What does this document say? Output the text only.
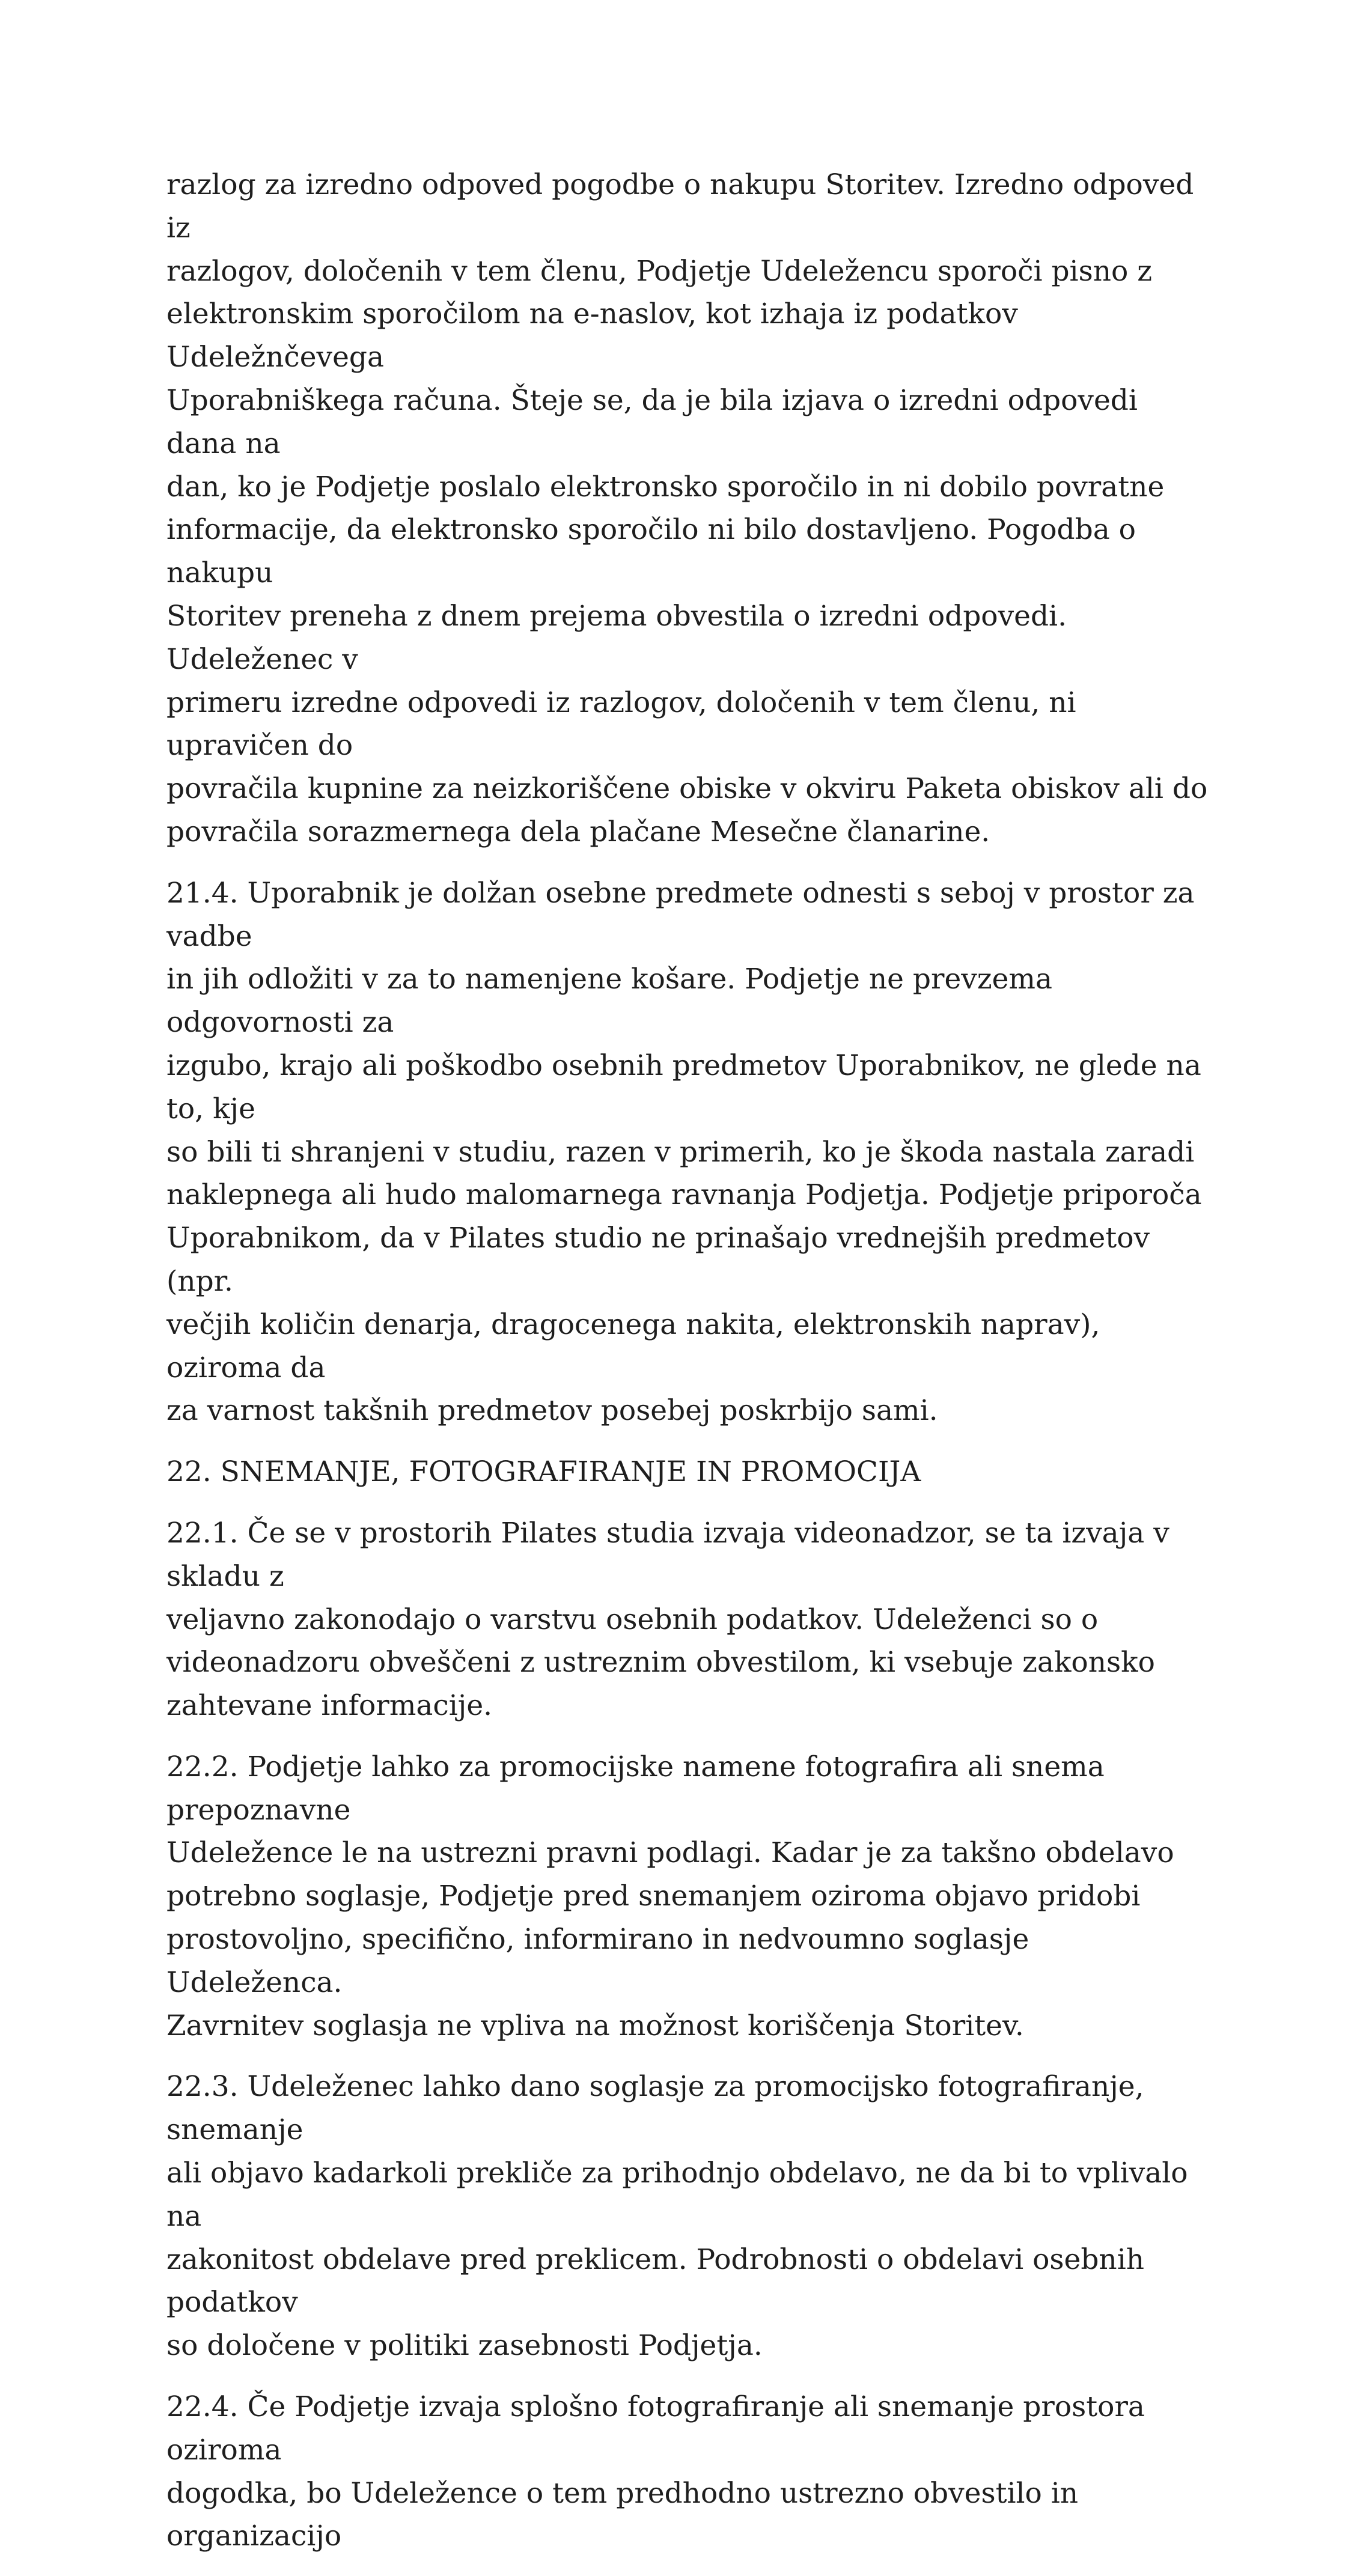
razlog za izredno odpoved pogodbe o nakupu Storitev. Izredno odpoved iz
razlogov, določenih v tem členu, Podjetje Udeležencu sporoči pisno z
elektronskim sporočilom na e-naslov, kot izhaja iz podatkov Udeležnčevega
Uporabniškega računa. Šteje se, da je bila izjava o izredni odpovedi dana na
dan, ko je Podjetje poslalo elektronsko sporočilo in ni dobilo povratne
informacije, da elektronsko sporočilo ni bilo dostavljeno. Pogodba o nakupu
Storitev preneha z dnem prejema obvestila o izredni odpovedi. Udeleženec v
primeru izredne odpovedi iz razlogov, določenih v tem členu, ni upravičen do
povračila kupnine za neizkoriščene obiske v okviru Paketa obiskov ali do
povračila sorazmernega dela plačane Mesečne članarine.

21.4. Uporabnik je dolžan osebne predmete odnesti s seboj v prostor za vadbe
in jih odložiti v za to namenjene košare. Podjetje ne prevzema odgovornosti za
izgubo, krajo ali poškodbo osebnih predmetov Uporabnikov, ne glede na to, kje
so bili ti shranjeni v studiu, razen v primerih, ko je škoda nastala zaradi
naklepnega ali hudo malomarnega ravnanja Podjetja. Podjetje priporoča
Uporabnikom, da v Pilates studio ne prinašajo vrednejših predmetov (npr.
večjih količin denarja, dragocenega nakita, elektronskih naprav), oziroma da
za varnost takšnih predmetov posebej poskrbijo sami.

22. SNEMANJE, FOTOGRAFIRANJE IN PROMOCIJA

22.1. Če se v prostorih Pilates studia izvaja videonadzor, se ta izvaja v skladu z
veljavno zakonodajo o varstvu osebnih podatkov. Udeleženci so o
videonadzoru obveščeni z ustreznim obvestilom, ki vsebuje zakonsko
zahtevane informacije.

22.2. Podjetje lahko za promocijske namene fotografira ali snema prepoznavne
Udeležence le na ustrezni pravni podlagi. Kadar je za takšno obdelavo
potrebno soglasje, Podjetje pred snemanjem oziroma objavo pridobi
prostovoljno, specifično, informirano in nedvoumno soglasje Udeleženca.
Zavrnitev soglasja ne vpliva na možnost koriščenja Storitev.

22.3. Udeleženec lahko dano soglasje za promocijsko fotografiranje, snemanje
ali objavo kadarkoli prekliče za prihodnjo obdelavo, ne da bi to vplivalo na
zakonitost obdelave pred preklicem. Podrobnosti o obdelavi osebnih podatkov
so določene v politiki zasebnosti Podjetja.

22.4. Če Podjetje izvaja splošno fotografiranje ali snemanje prostora oziroma
dogodka, bo Udeležence o tem predhodno ustrezno obvestilo in organizacijo
